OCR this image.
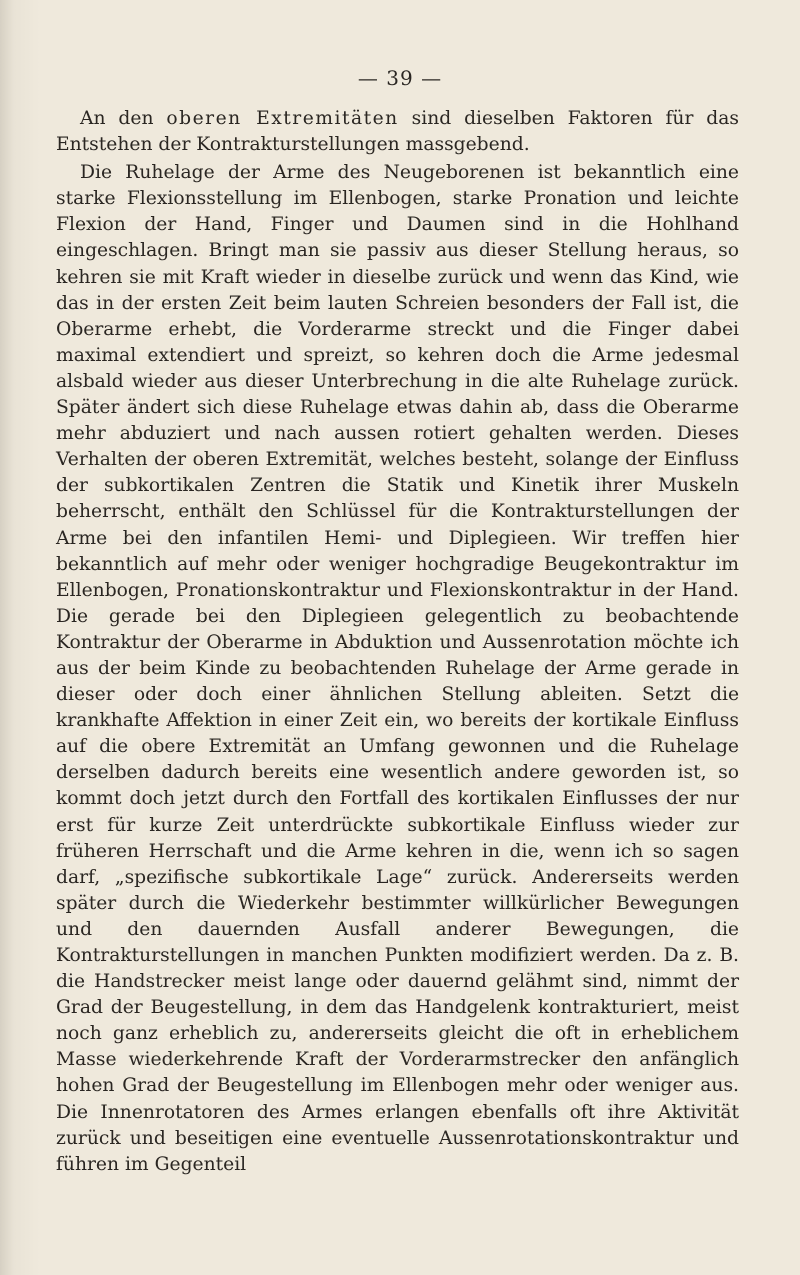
— 39 —

An den oberen Extremitäten sind dieselben Faktoren für das Entstehen der Kontrakturstellungen massgebend.

Die Ruhelage der Arme des Neugeborenen ist bekanntlich eine starke Flexionsstellung im Ellenbogen, starke Pronation und leichte Flexion der Hand, Finger und Daumen sind in die Hohlhand eingeschlagen. Bringt man sie passiv aus dieser Stellung heraus, so kehren sie mit Kraft wieder in dieselbe zurück und wenn das Kind, wie das in der ersten Zeit beim lauten Schreien besonders der Fall ist, die Oberarme erhebt, die Vorderarme streckt und die Finger dabei maximal extendiert und spreizt, so kehren doch die Arme jedesmal alsbald wieder aus dieser Unterbrechung in die alte Ruhelage zurück. Später ändert sich diese Ruhelage etwas dahin ab, dass die Oberarme mehr abduziert und nach aussen rotiert gehalten werden. Dieses Verhalten der oberen Extremität, welches besteht, solange der Einfluss der subkortikalen Zentren die Statik und Kinetik ihrer Muskeln beherrscht, enthält den Schlüssel für die Kontrakturstellungen der Arme bei den infantilen Hemi- und Diplegieen. Wir treffen hier bekanntlich auf mehr oder weniger hochgradige Beugekontraktur im Ellenbogen, Pronationskontraktur und Flexionskontraktur in der Hand. Die gerade bei den Diplegieen gelegentlich zu beobachtende Kontraktur der Oberarme in Abduktion und Aussenrotation möchte ich aus der beim Kinde zu beobachtenden Ruhelage der Arme gerade in dieser oder doch einer ähnlichen Stellung ableiten. Setzt die krankhafte Affektion in einer Zeit ein, wo bereits der kortikale Einfluss auf die obere Extremität an Umfang gewonnen und die Ruhelage derselben dadurch bereits eine wesentlich andere geworden ist, so kommt doch jetzt durch den Fortfall des kortikalen Einflusses der nur erst für kurze Zeit unterdrückte subkortikale Einfluss wieder zur früheren Herrschaft und die Arme kehren in die, wenn ich so sagen darf, „spezifische subkortikale Lage“ zurück. Andererseits werden später durch die Wiederkehr bestimmter willkürlicher Bewegungen und den dauernden Ausfall anderer Bewegungen, die Kontrakturstellungen in manchen Punkten modifiziert werden. Da z. B. die Handstrecker meist lange oder dauernd gelähmt sind, nimmt der Grad der Beugestellung, in dem das Handgelenk kontrakturiert, meist noch ganz erheblich zu, andererseits gleicht die oft in erheblichem Masse wiederkehrende Kraft der Vorderarmstrecker den anfänglich hohen Grad der Beugestellung im Ellenbogen mehr oder weniger aus. Die Innenrotatoren des Armes erlangen ebenfalls oft ihre Aktivität zurück und beseitigen eine eventuelle Aussenrotationskontraktur und führen im Gegenteil
